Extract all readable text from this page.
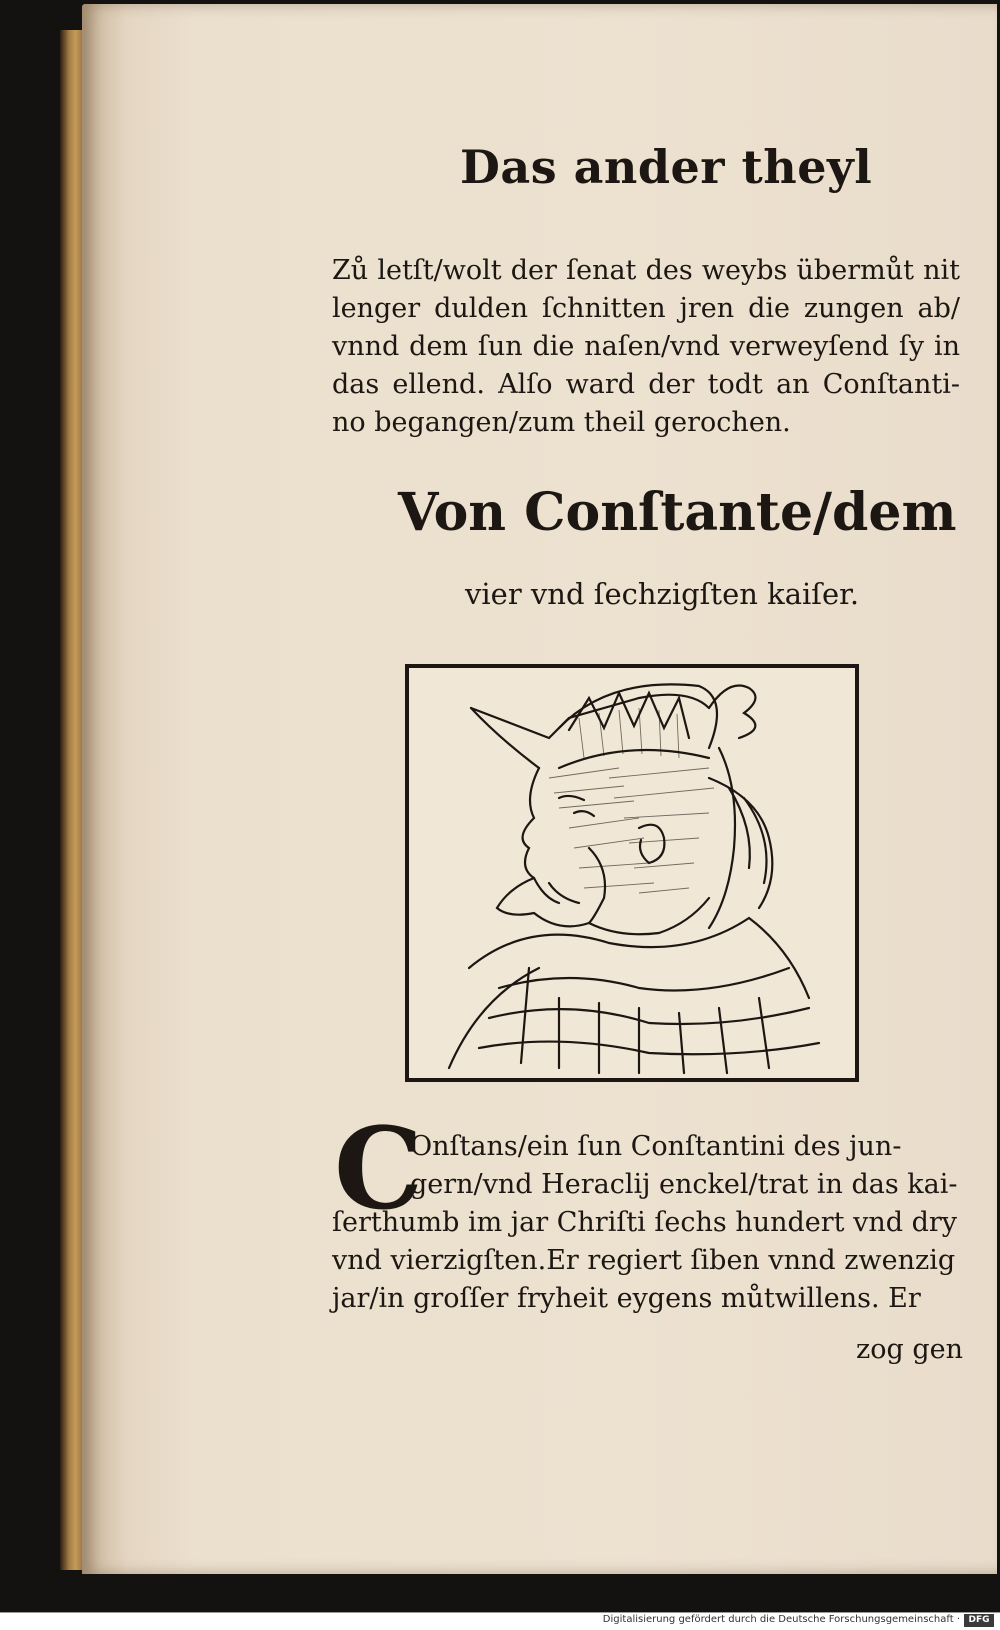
Das ander theyl
Zů letſt/wolt der ſenat des weybs übermůt nit lenger dulden ſchnitten jren die zungen ab/ vnnd dem ſun die naſen/vnd verweyſend ſy in das ellend. Alſo ward der todt an Conſtanti- no begangen/zum theil gerochen.
Von Conſtante/dem
vier vnd ſechzigſten kaiſer.
C
Onſtans/ein ſun Conſtantini des jun-
gern/vnd Heraclij enckel/trat in das kai-
ſerthumb im jar Chriſti ſechs hundert vnd dry
vnd vierzigſten.Er regiert ſiben vnnd zwenzig
jar/in groſſer fryheit eygens můtwillens. Er
zog gen
Digitalisierung gefördert durch die Deutsche Forschungsgemeinschaft · DFG
